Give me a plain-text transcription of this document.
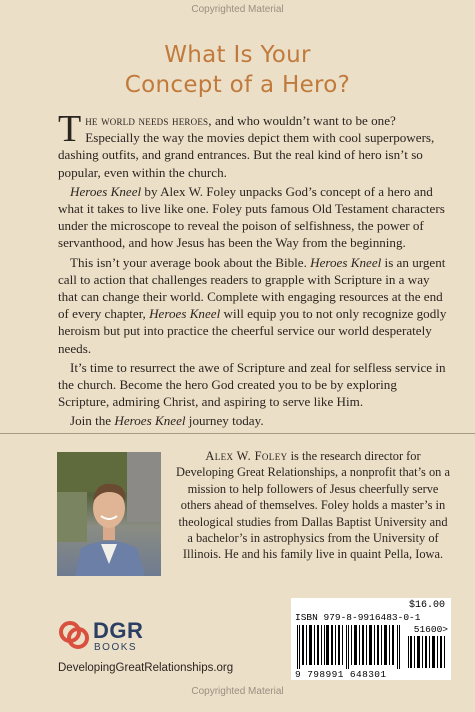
Copyrighted Material
What Is Your
Concept of a Hero?

The world needs heroes, and who wouldn’t want to be one? Especially the way the movies depict them with cool superpowers, dashing outfits, and grand entrances. But the real kind of hero isn’t so popular, even within the church.

Heroes Kneel by Alex W. Foley unpacks God’s concept of a hero and what it takes to live like one. Foley puts famous Old Testament characters under the microscope to reveal the poison of selfishness, the power of servanthood, and how Jesus has been the Way from the beginning.

This isn’t your average book about the Bible. Heroes Kneel is an urgent call to action that challenges readers to grapple with Scripture in a way that can change their world. Complete with engaging resources at the end of every chapter, Heroes Kneel will equip you to not only recognize godly heroism but put into practice the cheerful service our world desperately needs.

It’s time to resurrect the awe of Scripture and zeal for selfless service in the church. Become the hero God created you to be by exploring Scripture, admiring Christ, and aspiring to serve like Him.

Join the Heroes Kneel journey today.

Alex W. Foley is the research director for Developing Great Relationships, a nonprofit that’s on a mission to help followers of Jesus cheerfully serve others ahead of themselves. Foley holds a master’s in theological studies from Dallas Baptist University and a bachelor’s in astrophysics from the University of Illinois. He and his family live in quaint Pella, Iowa.
DGR
BOOKS
DevelopingGreatRelationships.org
$16.00
ISBN 979-8-9916483-0-1
51600>
9 798991 648301
Copyrighted Material
